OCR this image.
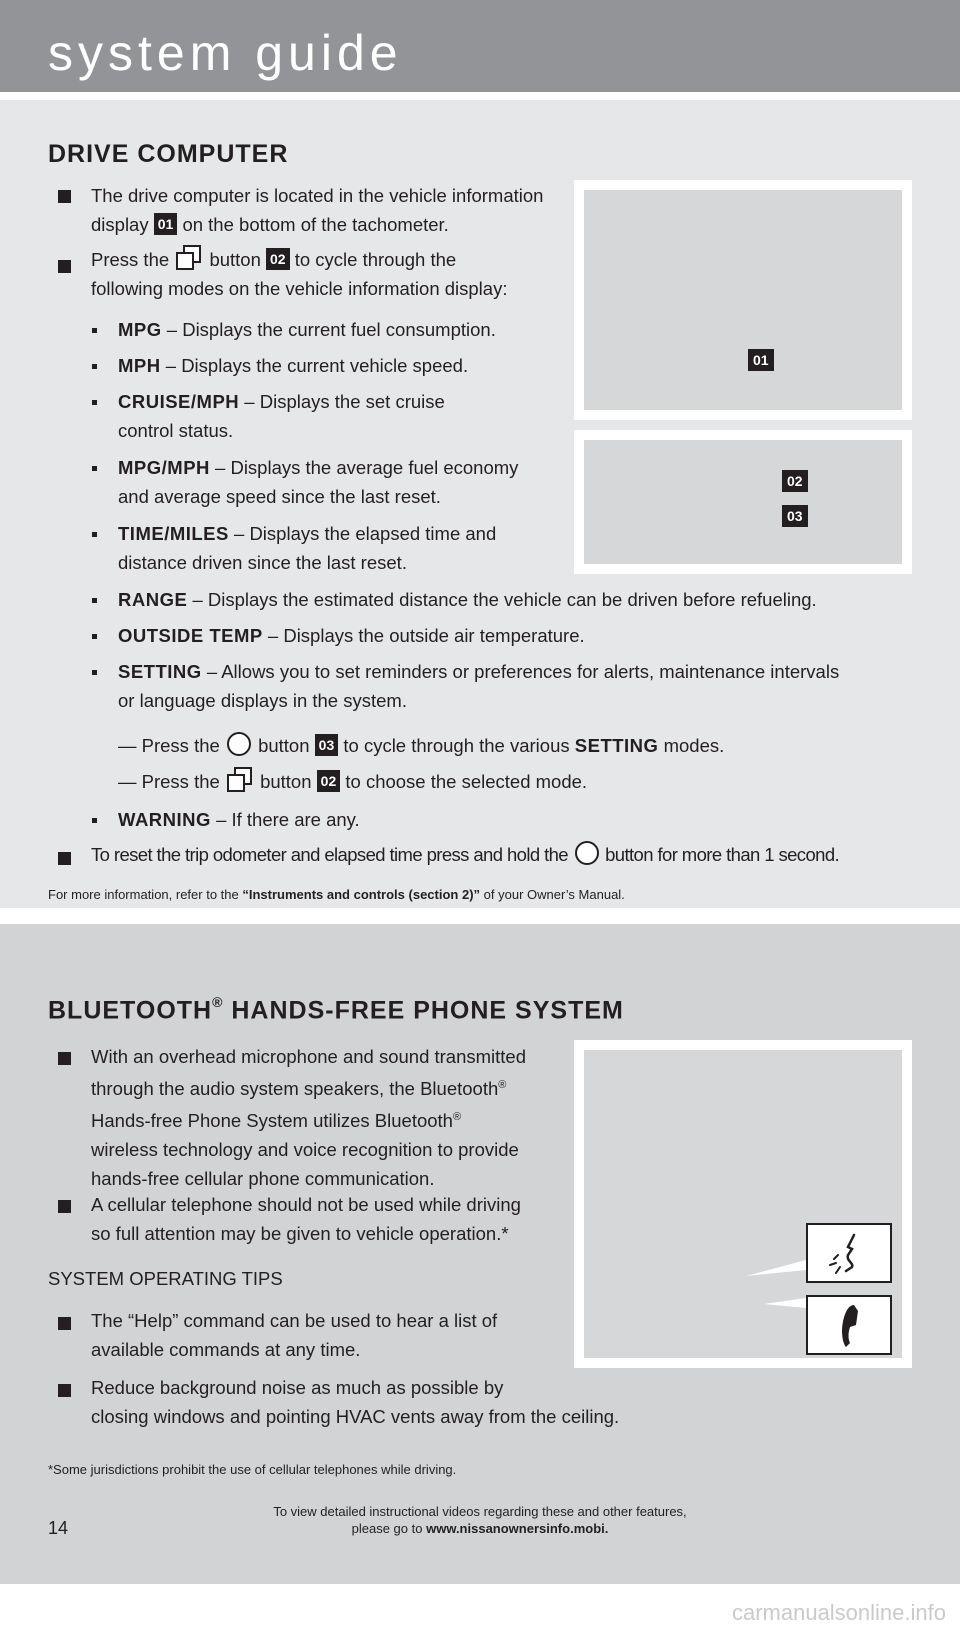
system guide
DRIVE COMPUTER
The drive computer is located in the vehicle information
display 01 on the bottom of the tachometer.
Press the button 02 to cycle through the
following modes on the vehicle information display:
MPG – Displays the current fuel consumption.
MPH – Displays the current vehicle speed.
CRUISE/MPH – Displays the set cruise
control status.
MPG/MPH – Displays the average fuel economy
and average speed since the last reset.
TIME/MILES – Displays the elapsed time and
distance driven since the last reset.
RANGE – Displays the estimated distance the vehicle can be driven before refueling.
OUTSIDE TEMP – Displays the outside air temperature.
SETTING – Allows you to set reminders or preferences for alerts, maintenance intervals
or language displays in the system.
— Press the button 03 to cycle through the various SETTING modes.
— Press the button 02 to choose the selected mode.
WARNING – If there are any.
To reset the trip odometer and elapsed time press and hold the button for more than 1 second.
For more information, refer to the “Instruments and controls (section 2)” of your Owner’s Manual.
01
02
03
BLUETOOTH® HANDS-FREE PHONE SYSTEM
With an overhead microphone and sound transmitted
through the audio system speakers, the Bluetooth®
Hands-free Phone System utilizes Bluetooth®
wireless technology and voice recognition to provide
hands-free cellular phone communication.
A cellular telephone should not be used while driving
so full attention may be given to vehicle operation.*
SYSTEM OPERATING TIPS
The “Help” command can be used to hear a list of
available commands at any time.
Reduce background noise as much as possible by
closing windows and pointing HVAC vents away from the ceiling.
*Some jurisdictions prohibit the use of cellular telephones while driving.
14
To view detailed instructional videos regarding these and other features,
please go to www.nissanownersinfo.mobi.
carmanualsonline.info
